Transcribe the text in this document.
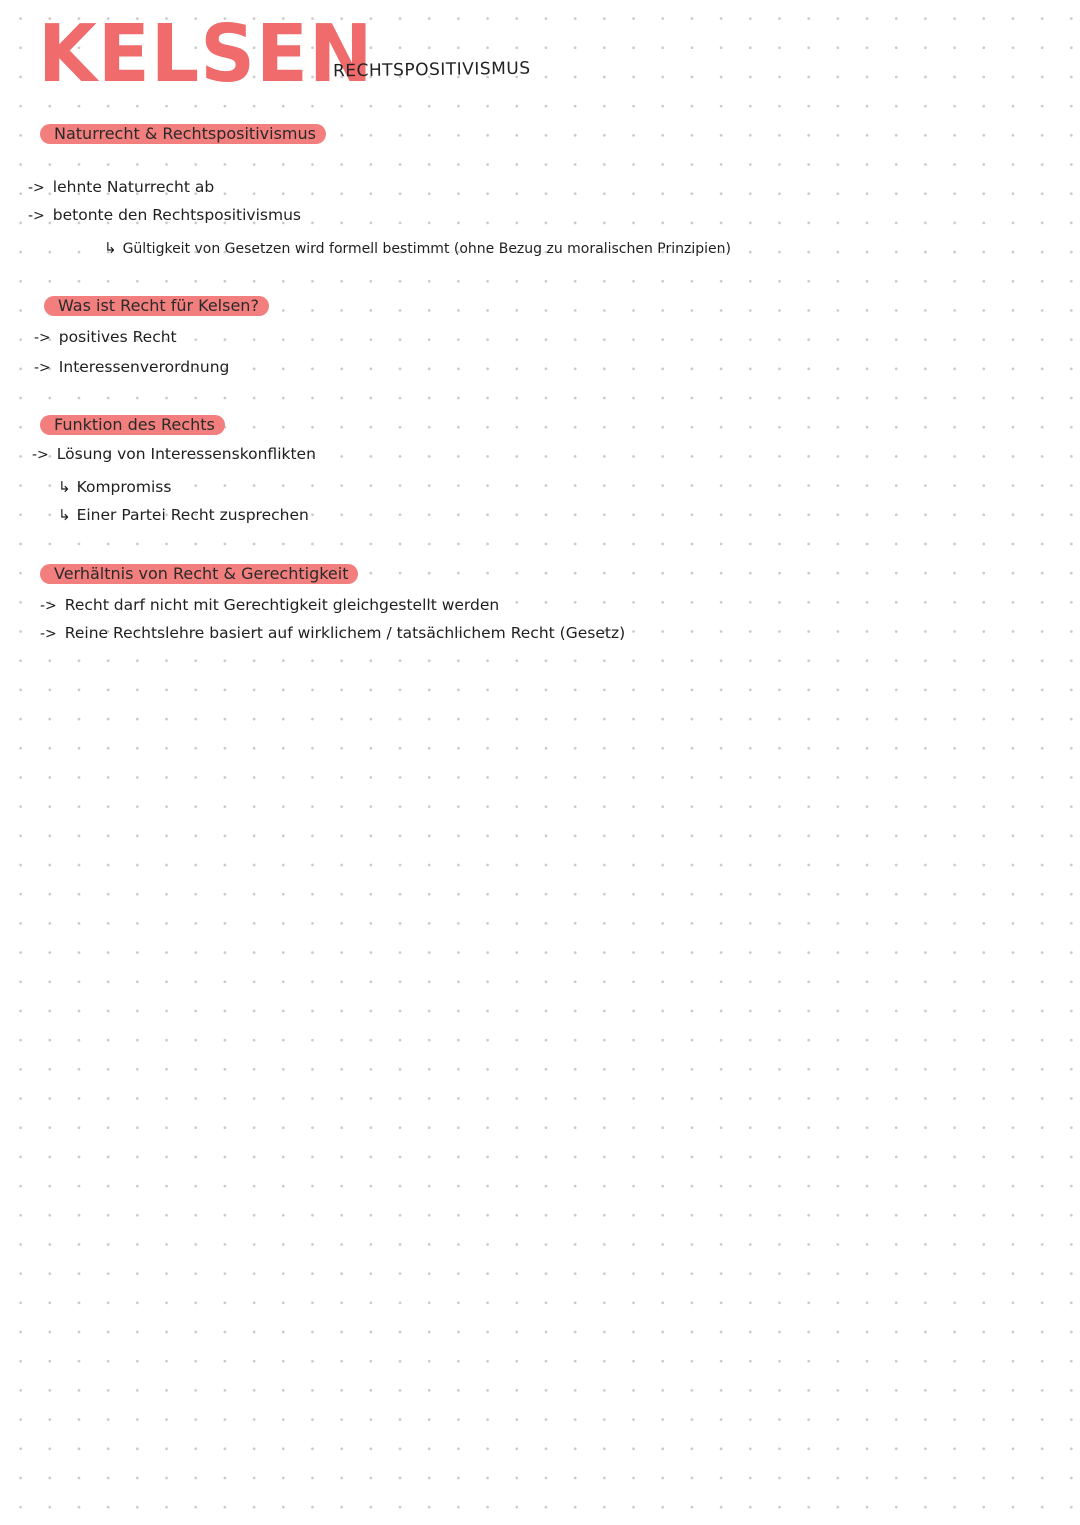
KELSEN
RECHTSPOSITIVISMUS
Naturrecht & Rechtspositivismus
-> lehnte Naturrecht ab
-> betonte den Rechtspositivismus
↳ Gültigkeit von Gesetzen wird formell bestimmt (ohne Bezug zu moralischen Prinzipien)
Was ist Recht für Kelsen?
-> positives Recht
-> Interessenverordnung
Funktion des Rechts
-> Lösung von Interessenskonflikten
↳ Kompromiss
↳ Einer Partei Recht zusprechen
Verhältnis von Recht & Gerechtigkeit
-> Recht darf nicht mit Gerechtigkeit gleichgestellt werden
-> Reine Rechtslehre basiert auf wirklichem / tatsächlichem Recht (Gesetz)
